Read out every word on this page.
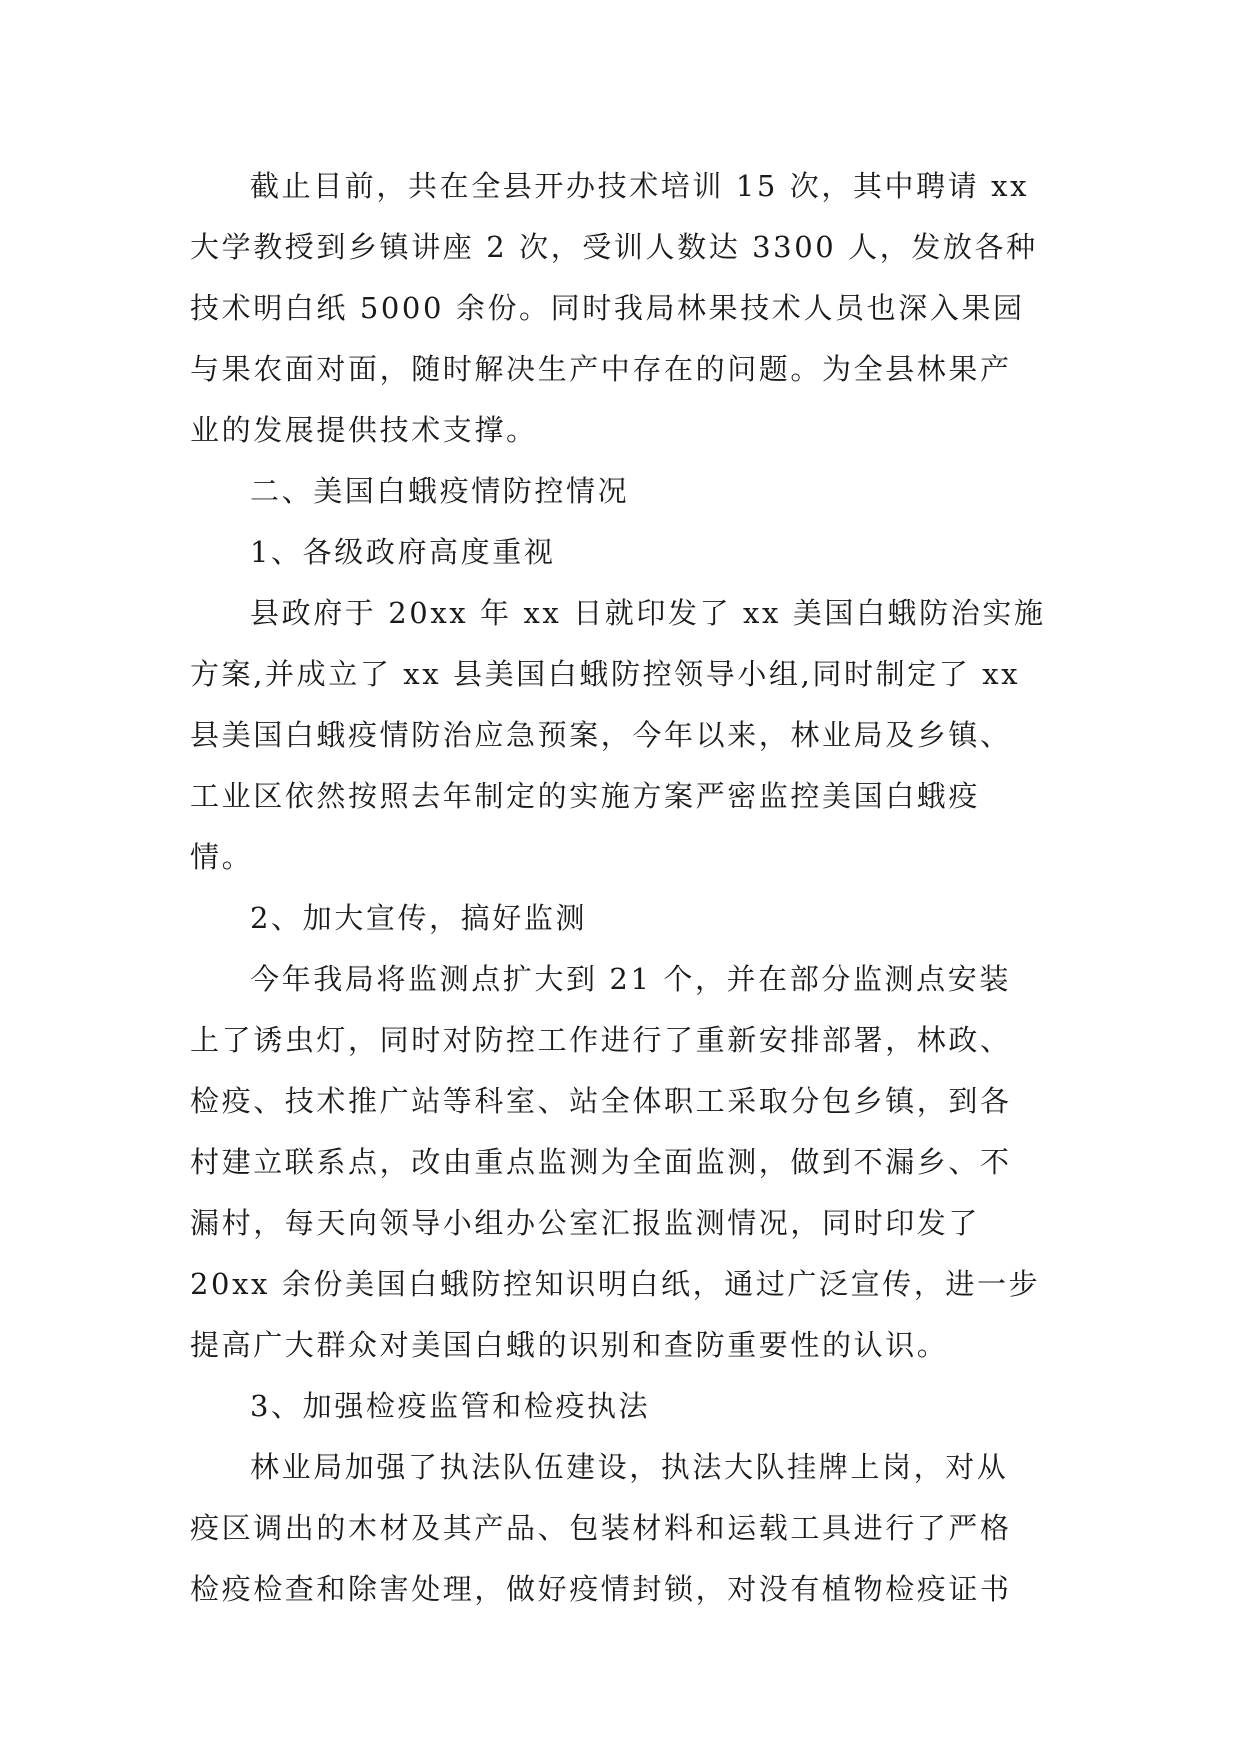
截止目前，共在全县开办技术培训 15 次，其中聘请 xx
大学教授到乡镇讲座 2 次，受训人数达 3300 人，发放各种
技术明白纸 5000 余份。同时我局林果技术人员也深入果园
与果农面对面，随时解决生产中存在的问题。为全县林果产
业的发展提供技术支撑。
二、美国白蛾疫情防控情况
1、各级政府高度重视
县政府于 20xx 年 xx 日就印发了 xx 美国白蛾防治实施
方案,并成立了 xx 县美国白蛾防控领导小组,同时制定了 xx
县美国白蛾疫情防治应急预案，今年以来，林业局及乡镇、
工业区依然按照去年制定的实施方案严密监控美国白蛾疫
情。
2、加大宣传，搞好监测
今年我局将监测点扩大到 21 个，并在部分监测点安装
上了诱虫灯，同时对防控工作进行了重新安排部署，林政、
检疫、技术推广站等科室、站全体职工采取分包乡镇，到各
村建立联系点，改由重点监测为全面监测，做到不漏乡、不
漏村，每天向领导小组办公室汇报监测情况，同时印发了
20xx 余份美国白蛾防控知识明白纸，通过广泛宣传，进一步
提高广大群众对美国白蛾的识别和查防重要性的认识。
3、加强检疫监管和检疫执法
林业局加强了执法队伍建设，执法大队挂牌上岗，对从
疫区调出的木材及其产品、包装材料和运载工具进行了严格
检疫检查和除害处理，做好疫情封锁，对没有植物检疫证书
